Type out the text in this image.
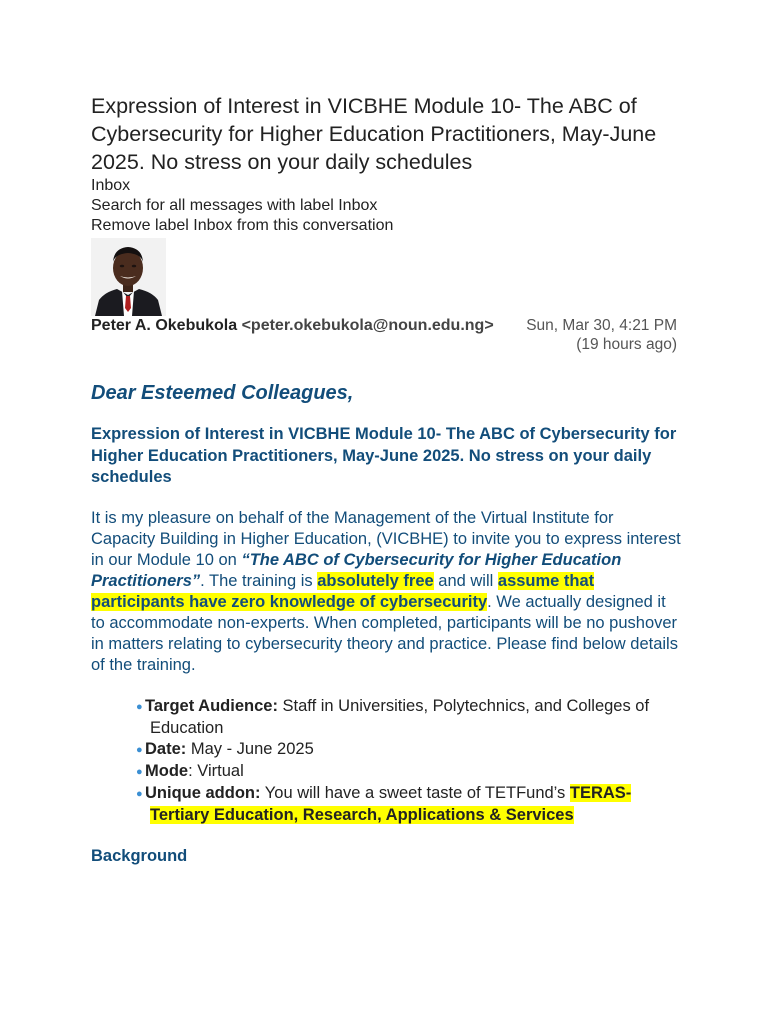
Expression of Interest in VICBHE Module 10- The ABC of Cybersecurity for Higher Education Practitioners, May-June 2025. No stress on your daily schedules
Inbox
Search for all messages with label Inbox
Remove label Inbox from this conversation
Peter A. Okebukola <peter.okebukola@noun.edu.ng>	Sun, Mar 30, 4:21 PM (19 hours ago)
Dear Esteemed Colleagues,
Expression of Interest in VICBHE Module 10- The ABC of Cybersecurity for Higher Education Practitioners, May-June 2025. No stress on your daily schedules
It is my pleasure on behalf of the Management of the Virtual Institute for Capacity Building in Higher Education, (VICBHE) to invite you to express interest in our Module 10 on “The ABC of Cybersecurity for Higher Education Practitioners”. The training is absolutely free and will assume that participants have zero knowledge of cybersecurity. We actually designed it to accommodate non-experts. When completed, participants will be no pushover in matters relating to cybersecurity theory and practice. Please find below details of the training.
● Target Audience: Staff in Universities, Polytechnics, and Colleges of Education
● Date: May - June 2025
● Mode: Virtual
● Unique addon: You will have a sweet taste of TETFund’s TERAS- Tertiary Education, Research, Applications & Services
Background
